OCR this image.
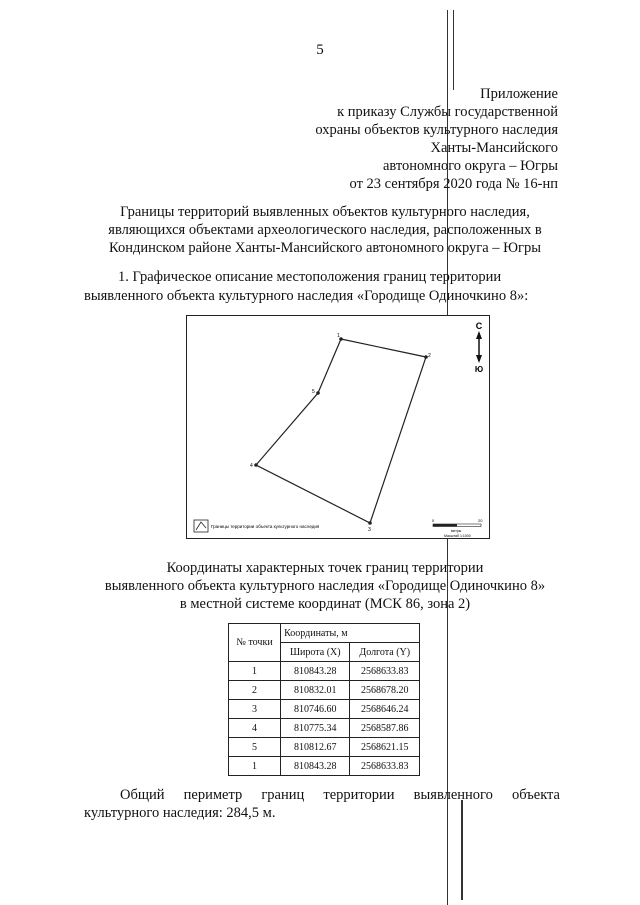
5
Приложение
к приказу Службы государственной
охраны объектов культурного наследия
Ханты-Мансийского
автономного округа – Югры
от 23 сентября 2020 года № 16-нп
Границы территорий выявленных объектов культурного наследия,
являющихся объектами археологического наследия, расположенных в
Кондинском районе Ханты-Мансийского автономного округа – Югры
1. Графическое описание местоположения границ территории
выявленного объекта культурного наследия «Городище Одиночкино 8»:
1
2
3
4
5
С
Ю
Границы территории объекта культурного наследия
0	20
метры
Масштаб 1:1000
Координаты характерных точек границ территории
выявленного объекта культурного наследия «Городище Одиночкино 8»
в местной системе координат (МСК 86, зона 2)
№ точки	Координаты, м	
	Широта (X)	Долгота (Y)
1	810843.28	2568633.83
2	810832.01	2568678.20
3	810746.60	2568646.24
4	810775.34	2568587.86
5	810812.67	2568621.15
1	810843.28	2568633.83
Общий периметр границ территории выявленного объекта
культурного наследия: 284,5 м.
